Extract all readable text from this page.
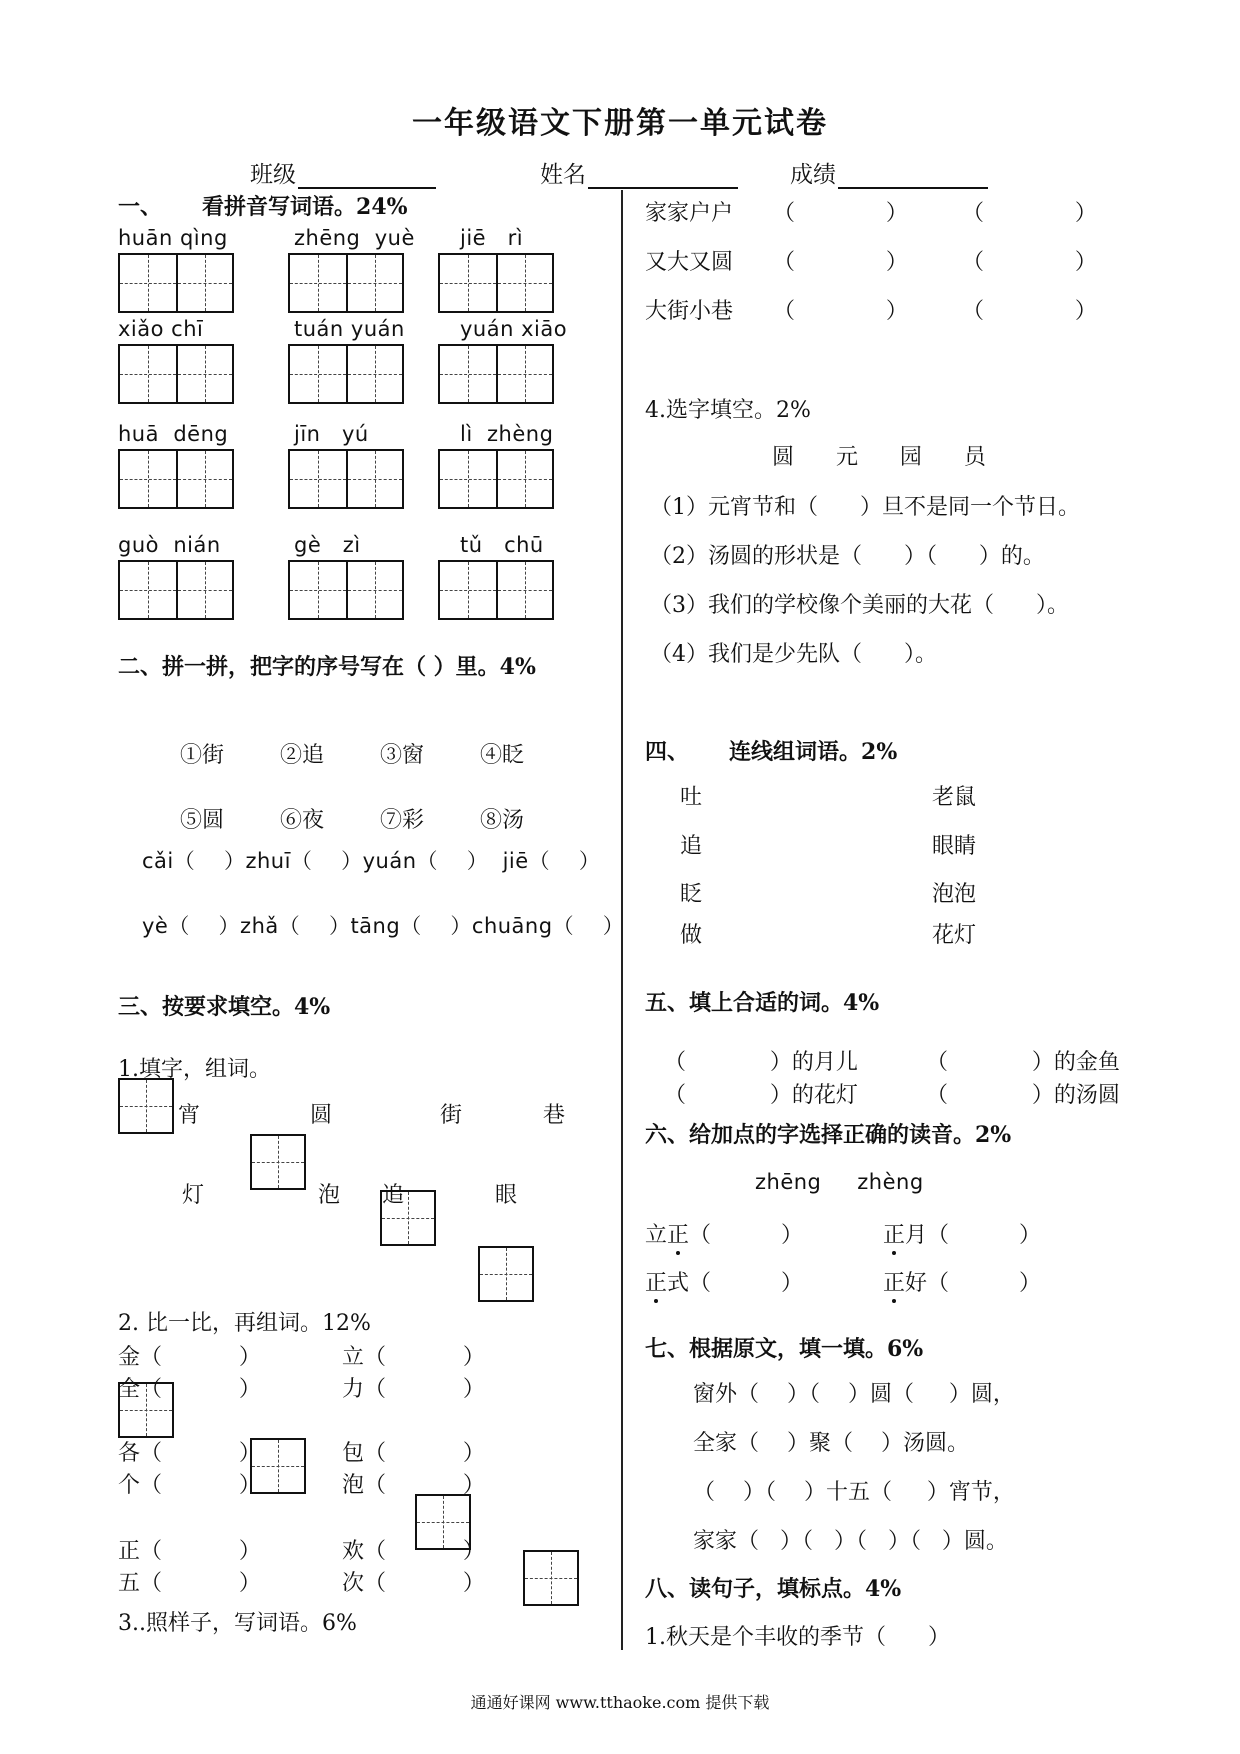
一年级语文下册第一单元试卷
班级	姓名	成绩
一、 看拼音写词语。24%
huān qìng	zhēng  yuè jiē   rì
xiǎo chī	tuán yuán	yuán xiāo
huā  dēng	jīn   yú	lì  zhèng
guò  nián	gè   zì	tǔ   chū
二、拼一拼，把字的序号写在（ ）里。4%

①街	②追	③窗	④眨

⑤圆	⑥夜	⑦彩	⑧汤

cǎi（    ）zhuī（    ）yuán（    ）  jiē（    ）
yè（    ）zhǎ（    ）tāng（    ）chuāng（    ）
三、按要求填空。4%
1.填字，组词。
宵	圆	街	巷
灯	泡 追	眼
2. 比一比，再组词。12%
金（           ）	立（           ）
全（           ）	力（           ）
各（           ）	包（           ）
个（           ）	泡（           ）
正（           ）	欢（           ）
五（           ）	次（           ）
3..照样子，写词语。6%
家家户户 （             ） （             ）
又大又圆 （             ） （             ）
大街小巷 （             ） （             ）
4.选字填空。2%
圆      元      园      员
（1）元宵节和（      ）旦不是同一个节日。
（2）汤圆的形状是（      ）（      ）的。
（3）我们的学校像个美丽的大花（      ）。
（4）我们是少先队（      ）。
四、 连线组词语。2%
吐
追
眨
做
老鼠
眼睛
泡泡
花灯
五、填上合适的词。4%

（            ）的月儿	（            ）的金鱼

（            ）的花灯	（            ）的汤圆

六、给加点的字选择正确的读音。2%
zhēng     zhèng
立正（          ）	正月（          ）
正式（          ）	正好（          ）
七、根据原文，填一填。6%
窗外（    ）（    ）圆（     ）圆，
全家（    ）聚（    ）汤圆。
（    ）（    ）十五（     ）宵节，
家家（   ）（   ）（   ）（   ）圆。
八、读句子，填标点。4%
1.秋天是个丰收的季节（      ）
通通好课网 www.tthaoke.com 提供下载
